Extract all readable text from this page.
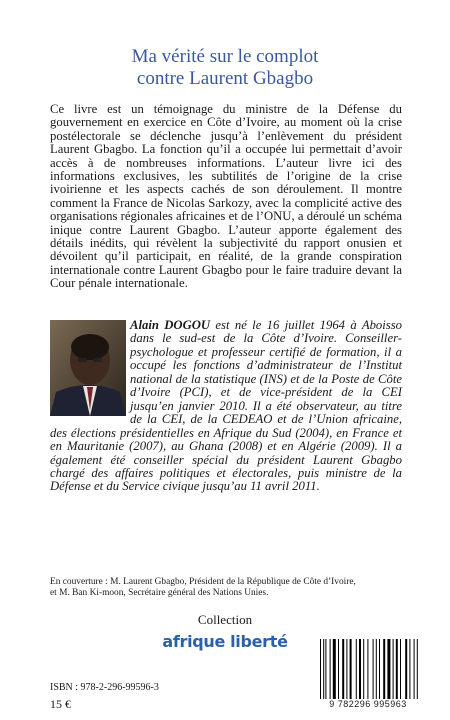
Ma vérité sur le complot
contre Laurent Gbagbo

Ce livre est un témoignage du ministre de la Défense du gouvernement en exercice en Côte d’Ivoire, au moment où la crise postélectorale se déclenche jusqu’à l’enlèvement du président Laurent Gbagbo. La fonction qu’il a occupée lui permettait d’avoir accès à de nombreuses informations. L’auteur livre ici des informations exclusives, les subtilités de l’origine de la crise ivoirienne et les aspects cachés de son déroulement. Il montre comment la France de Nicolas Sarkozy, avec la complicité active des organisations régionales africaines et de l’ONU, a déroulé un schéma inique contre Laurent Gbagbo. L’auteur apporte également des détails inédits, qui révèlent la subjectivité du rapport onusien et dévoilent qu’il participait, en réalité, de la grande conspiration internationale contre Laurent Gbagbo pour le faire traduire devant la Cour pénale internationale.

Alain DOGOU est né le 16 juillet 1964 à Aboisso dans le sud-est de la Côte d’Ivoire. Conseiller-psychologue et professeur certifié de formation, il a occupé les fonctions d’administrateur de l’Institut national de la statistique (INS) et de la Poste de Côte d’Ivoire (PCI), et de vice-président de la CEI jusqu’en janvier 2010. Il a été observateur, au titre de la CEI, de la CEDEAO et de l’Union africaine, des élections présidentielles en Afrique du Sud (2004), en France et en Mauritanie (2007), au Ghana (2008) et en Algérie (2009). Il a également été conseiller spécial du président Laurent Gbagbo chargé des affaires politiques et électorales, puis ministre de la Défense et du Service civique jusqu’au 11 avril 2011.
En couverture : M. Laurent Gbagbo, Président de la République de Côte d’Ivoire,
et M. Ban Ki-moon, Secrétaire général des Nations Unies.
Collection
afrique liberté
ISBN : 978-2-296-99596-3
15 €	9 782296 995963
